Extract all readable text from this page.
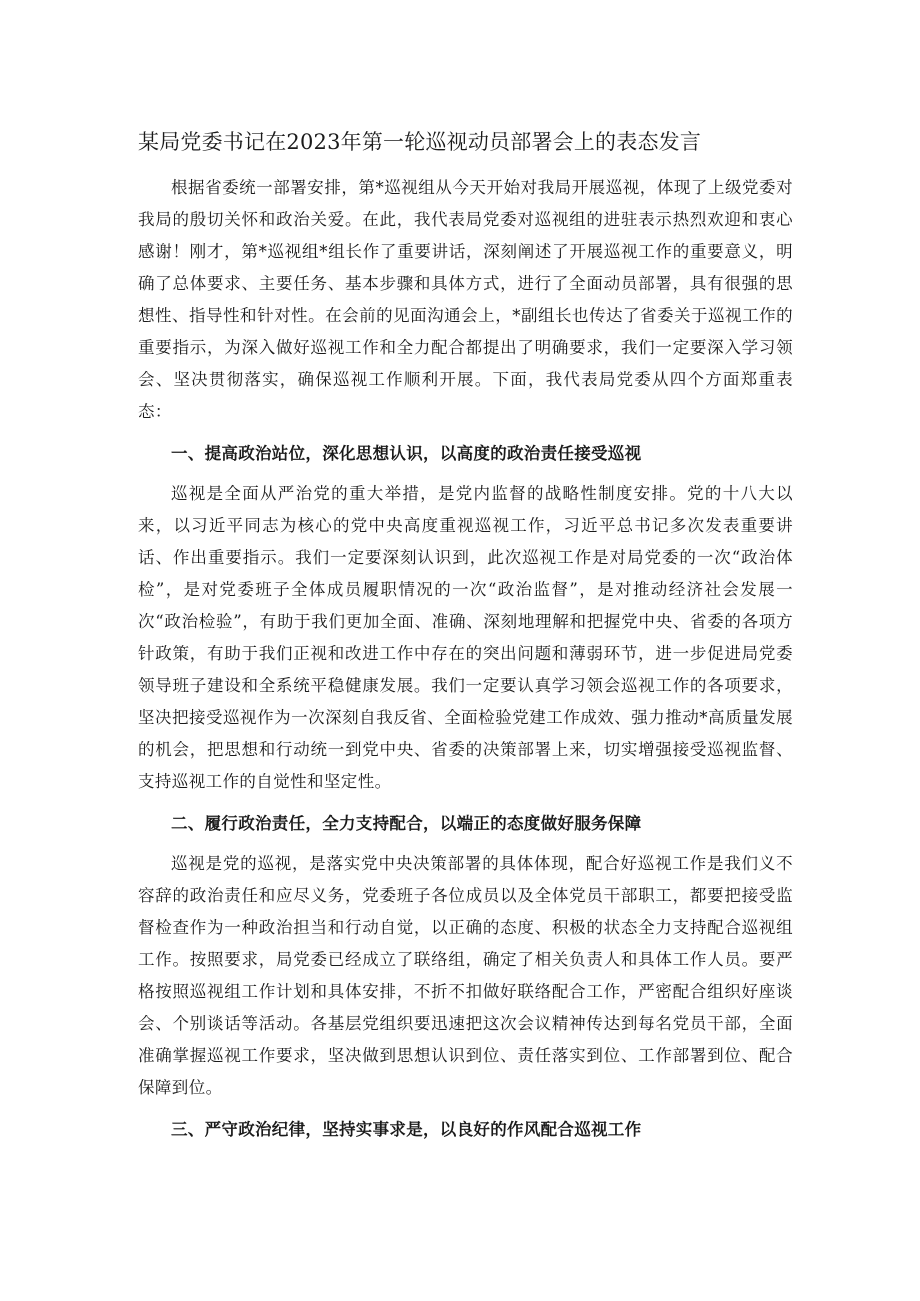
某局党委书记在2023年第一轮巡视动员部署会上的表态发言

根据省委统一部署安排，第*巡视组从今天开始对我局开展巡视，体现了上级党委对我局的殷切关怀和政治关爱。在此，我代表局党委对巡视组的进驻表示热烈欢迎和衷心感谢！刚才，第*巡视组*组长作了重要讲话，深刻阐述了开展巡视工作的重要意义，明确了总体要求、主要任务、基本步骤和具体方式，进行了全面动员部署，具有很强的思想性、指导性和针对性。在会前的见面沟通会上，*副组长也传达了省委关于巡视工作的重要指示，为深入做好巡视工作和全力配合都提出了明确要求，我们一定要深入学习领会、坚决贯彻落实，确保巡视工作顺利开展。下面，我代表局党委从四个方面郑重表态：

一、提高政治站位，深化思想认识，以高度的政治责任接受巡视

巡视是全面从严治党的重大举措，是党内监督的战略性制度安排。党的十八大以来，以习近平同志为核心的党中央高度重视巡视工作，习近平总书记多次发表重要讲话、作出重要指示。我们一定要深刻认识到，此次巡视工作是对局党委的一次“政治体检”，是对党委班子全体成员履职情况的一次“政治监督”，是对推动经济社会发展一次“政治检验”，有助于我们更加全面、准确、深刻地理解和把握党中央、省委的各项方针政策，有助于我们正视和改进工作中存在的突出问题和薄弱环节，进一步促进局党委领导班子建设和全系统平稳健康发展。我们一定要认真学习领会巡视工作的各项要求，坚决把接受巡视作为一次深刻自我反省、全面检验党建工作成效、强力推动*高质量发展的机会，把思想和行动统一到党中央、省委的决策部署上来，切实增强接受巡视监督、支持巡视工作的自觉性和坚定性。

二、履行政治责任，全力支持配合，以端正的态度做好服务保障

巡视是党的巡视，是落实党中央决策部署的具体体现，配合好巡视工作是我们义不容辞的政治责任和应尽义务，党委班子各位成员以及全体党员干部职工，都要把接受监督检查作为一种政治担当和行动自觉，以正确的态度、积极的状态全力支持配合巡视组工作。按照要求，局党委已经成立了联络组，确定了相关负责人和具体工作人员。要严格按照巡视组工作计划和具体安排，不折不扣做好联络配合工作，严密配合组织好座谈会、个别谈话等活动。各基层党组织要迅速把这次会议精神传达到每名党员干部，全面准确掌握巡视工作要求，坚决做到思想认识到位、责任落实到位、工作部署到位、配合保障到位。

三、严守政治纪律，坚持实事求是，以良好的作风配合巡视工作
